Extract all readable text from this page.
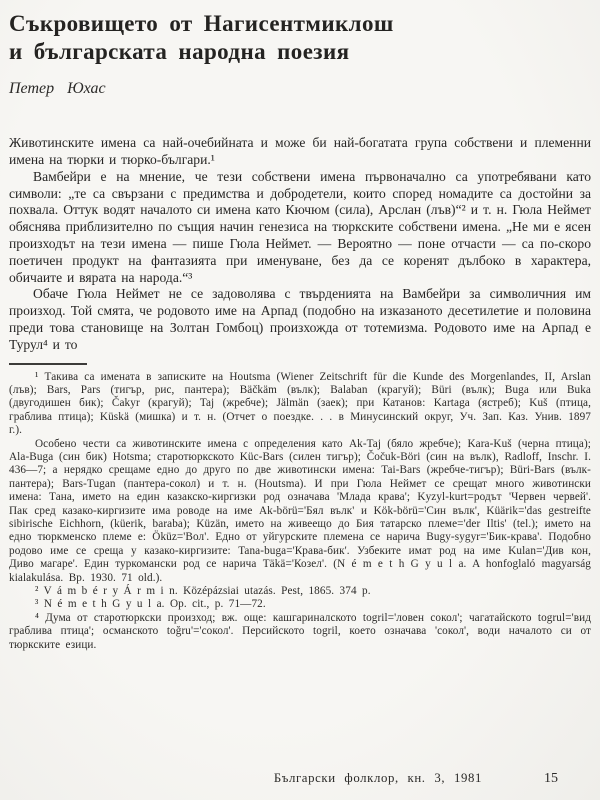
Съкровището от Нагисентмиклош
и българската народна поезия
Петер Юхас

Животинските имена са най-очебийната и може би най-богатата група собствени и племенни имена на тюрки и тюрко-българи.¹

Вамбейри е на мнение, че тези собствени имена първоначално са употребявани като символи: „те са свързани с предимства и добродетели, които според номадите са достойни за похвала. Оттук водят началото си имена като Кючюм (сила), Арслан (лъв)“² и т. н. Гюла Неймет обяснява приблизително по същия начин генезиса на тюркските собствени имена. „Не ми е ясен произходът на тези имена — пише Гюла Неймет. — Вероятно — поне отчасти — са по-скоро поетичен продукт на фантазията при именуване, без да се коренят дълбоко в характера, обичаите и вярата на народа.“³

Обаче Гюла Неймет не се задоволява с твърденията на Вамбейри за символичния им произход. Той смята, че родовото име на Арпад (подобно на изказаното десетилетие и половина преди това становище на Золтан Гомбоц) произхожда от тотемизма. Родовото име на Арпад е Турул⁴ и то

¹ Такива са имената в записките на Houtsma (Wiener Zeitschrift für die Kunde des Morgenlandes, II, Arslan (лъв); Bars, Pars (тигър, рис, пантера); Bäčkäm (вълк); Balaban (крагуй); Büri (вълк); Buga или Buka (двугодишен бик); Čakyr (крагуй); Taj (жребче); Jälmän (заек); при Катанов: Kartaga (ястреб); Kuš (птица, граблива птица); Küskä (мишка) и т. н. (Отчет о поездке. . . в Минусинский округ, Уч. Зап. Каз. Унив. 1897 г.).

Особено чести са животинските имена с определения като Ak-Taj (бяло жребче); Kara-Kuš (черна птица); Ala-Buga (син бик) Hotsma; старотюркското Küc-Bars (силен тигър); Čočuk-Böri (син на вълк), Radloff, Inschr. I. 436—7; а нерядко срещаме едно до друго по две животински имена: Tai-Bars (жребче-тигър); Büri-Bars (вълк-пантера); Bars-Tugan (пантера-сокол) и т. н. (Houtsma). И при Гюла Неймет се срещат много животински имена: Тана, името на един казакско-киргизки род означава 'Млада крава'; Kyzyl-kurt=родът 'Червен червей'. Пак сред казако-киргизите има роводе на име Ak-börü='Бял вълк' и Kök-börü='Син вълк', Küärik='das gestreifte sibirische Eichhorn, (küerik, baraba); Küzän, името на живеещо до Бия татарско племе='der Iltis' (tel.); името на едно тюркменско племе е: Öküz='Вол'. Едно от уйгурските племена се нарича Bugy-sygyr='Бик-крава'. Подобно родово име се среща у казако-киргизите: Tana-buga='Крава-бик'. Узбеките имат род на име Kulan='Див кон, Диво магаре'. Един туркомански род се нарича Täkä='Козел'. (N é m e t h G y u l a. A honfoglaló magyarság kialakulása. Bp. 1930. 71 old.).

² V á m b é r y Á r m i n. Középázsiai utazás. Pest, 1865. 374 p.

³ N é m e t h G y u l a. Op. cit., p. 71—72.

⁴ Дума от старотюркски произход; вж. още: кашгариналското togril='ловен сокол'; чагатайското togrul='вид граблива птица'; османското toğru'='сокол'. Персийското togril, което означава 'сокол', води началото си от тюркските езици.

Български фолклор, кн. 3, 1981	15
